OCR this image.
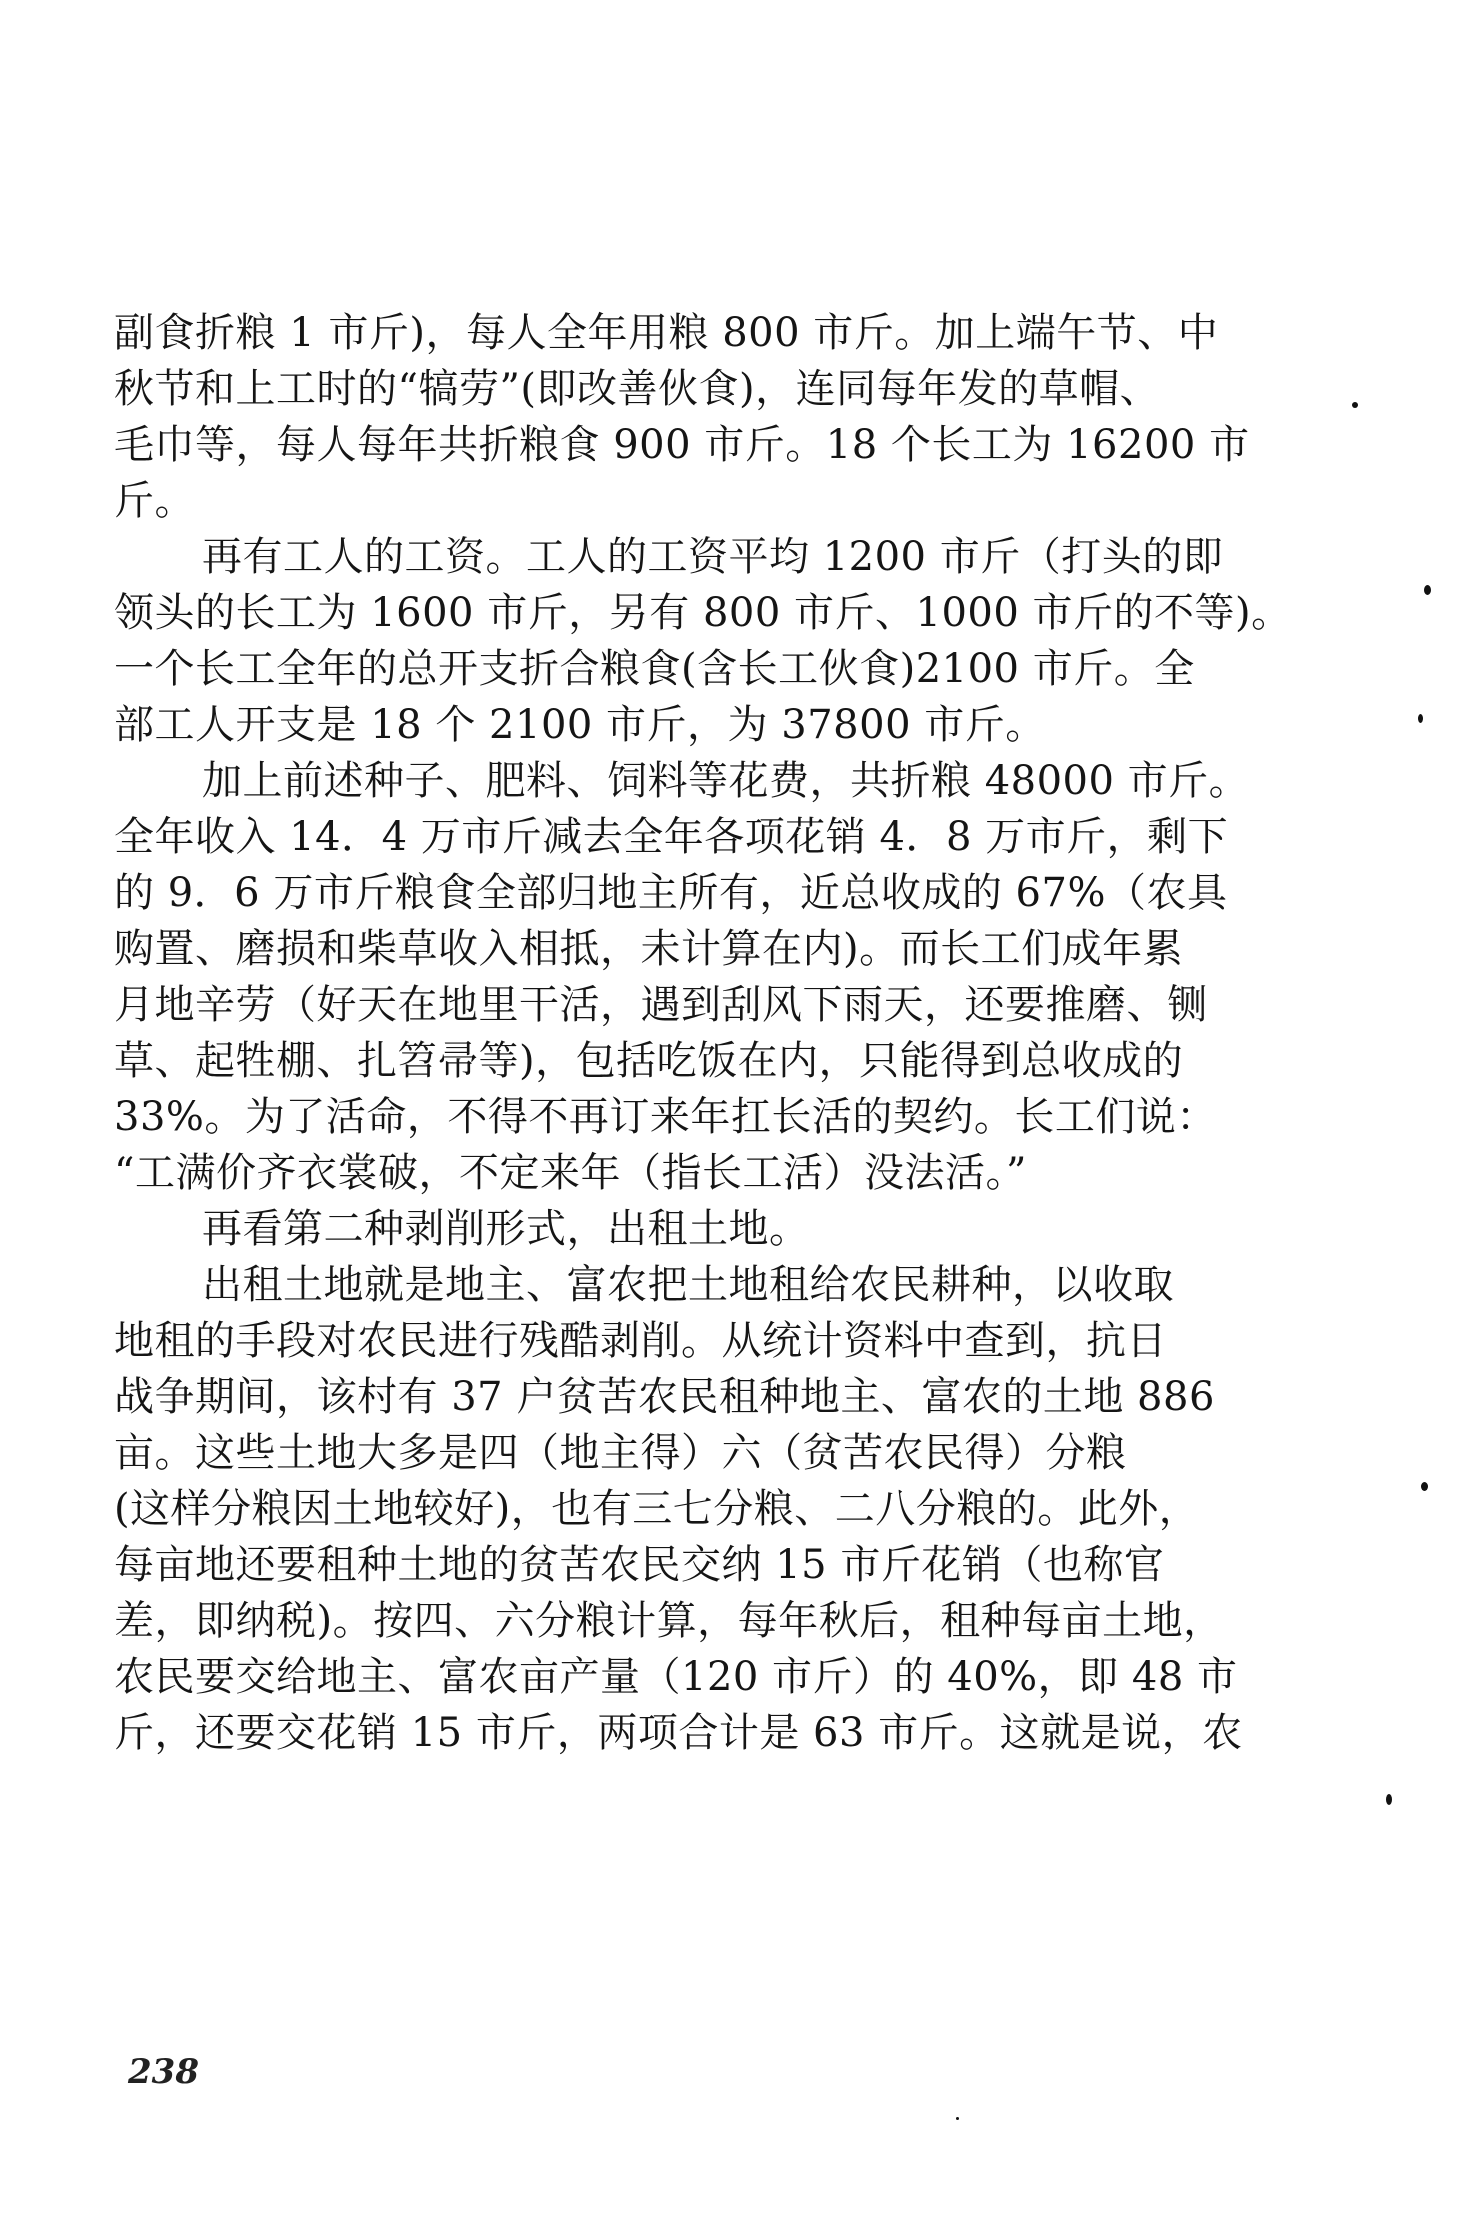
副食折粮 1 市斤)，每人全年用粮 800 市斤。加上端午节、中
秋节和上工时的“犒劳”(即改善伙食)，连同每年发的草帽、
毛巾等，每人每年共折粮食 900 市斤。18 个长工为 16200 市
斤。
再有工人的工资。工人的工资平均 1200 市斤（打头的即
领头的长工为 1600 市斤，另有 800 市斤、1000 市斤的不等)。
一个长工全年的总开支折合粮食(含长工伙食)2100 市斤。全
部工人开支是 18 个 2100 市斤，为 37800 市斤。
加上前述种子、肥料、饲料等花费，共折粮 48000 市斤。
全年收入 14．4 万市斤减去全年各项花销 4．8 万市斤，剩下
的 9．6 万市斤粮食全部归地主所有，近总收成的 67%（农具
购置、磨损和柴草收入相抵，未计算在内)。而长工们成年累
月地辛劳（好天在地里干活，遇到刮风下雨天，还要推磨、铡
草、起牲棚、扎笤帚等)，包括吃饭在内，只能得到总收成的
33%。为了活命，不得不再订来年扛长活的契约。长工们说：
“工满价齐衣裳破，不定来年（指长工活）没法活。”
再看第二种剥削形式，出租土地。
出租土地就是地主、富农把土地租给农民耕种，以收取
地租的手段对农民进行残酷剥削。从统计资料中查到，抗日
战争期间，该村有 37 户贫苦农民租种地主、富农的土地 886
亩。这些土地大多是四（地主得）六（贫苦农民得）分粮
(这样分粮因土地较好)，也有三七分粮、二八分粮的。此外，
每亩地还要租种土地的贫苦农民交纳 15 市斤花销（也称官
差，即纳税)。按四、六分粮计算，每年秋后，租种每亩土地，
农民要交给地主、富农亩产量（120 市斤）的 40%，即 48 市
斤，还要交花销 15 市斤，两项合计是 63 市斤。这就是说，农
238
